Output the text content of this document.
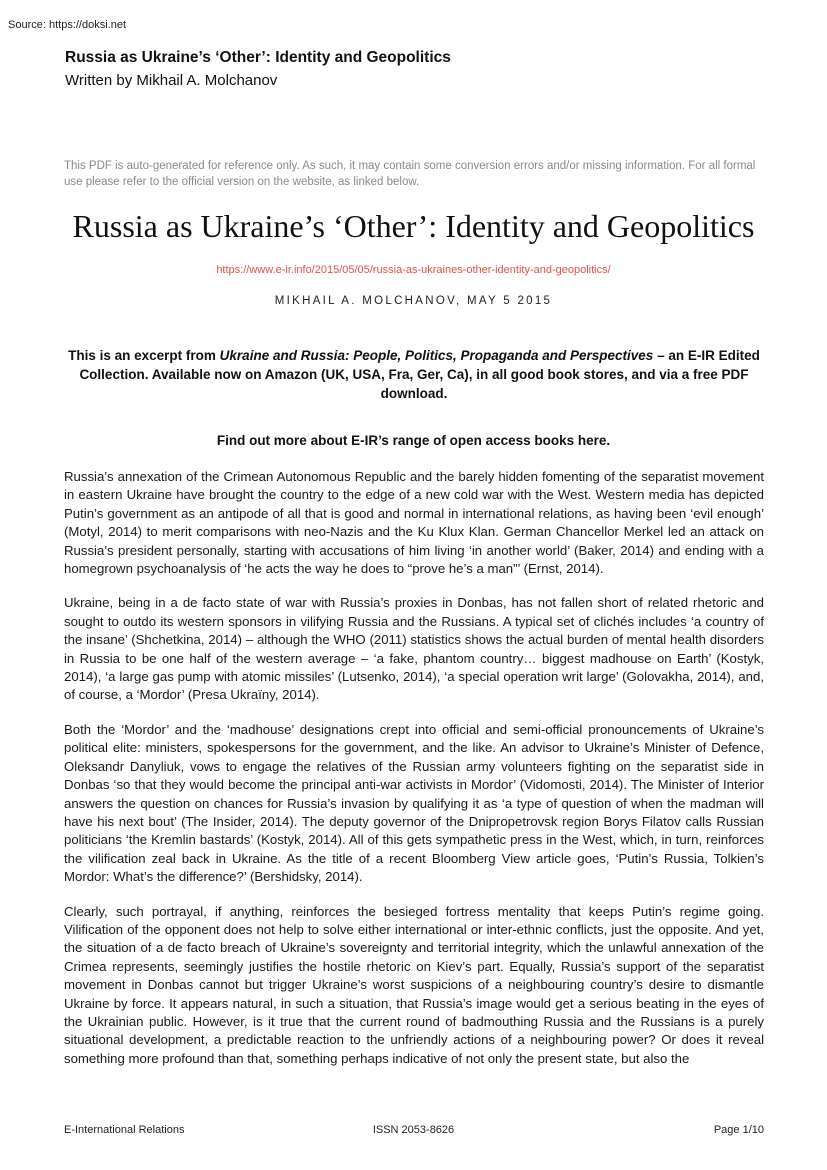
Source: https://doksi.net
Russia as Ukraine’s ‘Other’: Identity and Geopolitics
Written by Mikhail A. Molchanov
This PDF is auto-generated for reference only. As such, it may contain some conversion errors and/or missing information. For all formal use please refer to the official version on the website, as linked below.
Russia as Ukraine’s ‘Other’: Identity and Geopolitics
https://www.e-ir.info/2015/05/05/russia-as-ukraines-other-identity-and-geopolitics/
MIKHAIL A. MOLCHANOV, MAY 5 2015
This is an excerpt from Ukraine and Russia: People, Politics, Propaganda and Perspectives – an E-IR Edited Collection. Available now on Amazon (UK, USA, Fra, Ger, Ca), in all good book stores, and via a free PDF download.
Find out more about E-IR’s range of open access books here.

Russia’s annexation of the Crimean Autonomous Republic and the barely hidden fomenting of the separatist movement in eastern Ukraine have brought the country to the edge of a new cold war with the West. Western media has depicted Putin’s government as an antipode of all that is good and normal in international relations, as having been ‘evil enough’ (Motyl, 2014) to merit comparisons with neo-Nazis and the Ku Klux Klan. German Chancellor Merkel led an attack on Russia’s president personally, starting with accusations of him living ‘in another world’ (Baker, 2014) and ending with a homegrown psychoanalysis of ‘he acts the way he does to “prove he’s a man”’ (Ernst, 2014).

Ukraine, being in a de facto state of war with Russia’s proxies in Donbas, has not fallen short of related rhetoric and sought to outdo its western sponsors in vilifying Russia and the Russians. A typical set of clichés includes ‘a country of the insane’ (Shchetkina, 2014) – although the WHO (2011) statistics shows the actual burden of mental health disorders in Russia to be one half of the western average – ‘a fake, phantom country… biggest madhouse on Earth’ (Kostyk, 2014), ‘a large gas pump with atomic missiles’ (Lutsenko, 2014), ‘a special operation writ large’ (Golovakha, 2014), and, of course, a ‘Mordor’ (Presa Ukraïny, 2014).

Both the ‘Mordor’ and the ‘madhouse’ designations crept into official and semi-official pronouncements of Ukraine’s political elite: ministers, spokespersons for the government, and the like. An advisor to Ukraine’s Minister of Defence, Oleksandr Danyliuk, vows to engage the relatives of the Russian army volunteers fighting on the separatist side in Donbas ‘so that they would become the principal anti-war activists in Mordor’ (Vidomosti, 2014). The Minister of Interior answers the question on chances for Russia’s invasion by qualifying it as ‘a type of question of when the madman will have his next bout’ (The Insider, 2014). The deputy governor of the Dnipropetrovsk region Borys Filatov calls Russian politicians ‘the Kremlin bastards’ (Kostyk, 2014). All of this gets sympathetic press in the West, which, in turn, reinforces the vilification zeal back in Ukraine. As the title of a recent Bloomberg View article goes, ‘Putin’s Russia, Tolkien’s Mordor: What’s the difference?’ (Bershidsky, 2014).

Clearly, such portrayal, if anything, reinforces the besieged fortress mentality that keeps Putin’s regime going. Vilification of the opponent does not help to solve either international or inter-ethnic conflicts, just the opposite. And yet, the situation of a de facto breach of Ukraine’s sovereignty and territorial integrity, which the unlawful annexation of the Crimea represents, seemingly justifies the hostile rhetoric on Kiev’s part. Equally, Russia’s support of the separatist movement in Donbas cannot but trigger Ukraine’s worst suspicions of a neighbouring country’s desire to dismantle Ukraine by force. It appears natural, in such a situation, that Russia’s image would get a serious beating in the eyes of the Ukrainian public. However, is it true that the current round of badmouthing Russia and the Russians is a purely situational development, a predictable reaction to the unfriendly actions of a neighbouring power? Or does it reveal something more profound than that, something perhaps indicative of not only the present state, but also the

E-International Relations	ISSN 2053-8626	Page 1/10
